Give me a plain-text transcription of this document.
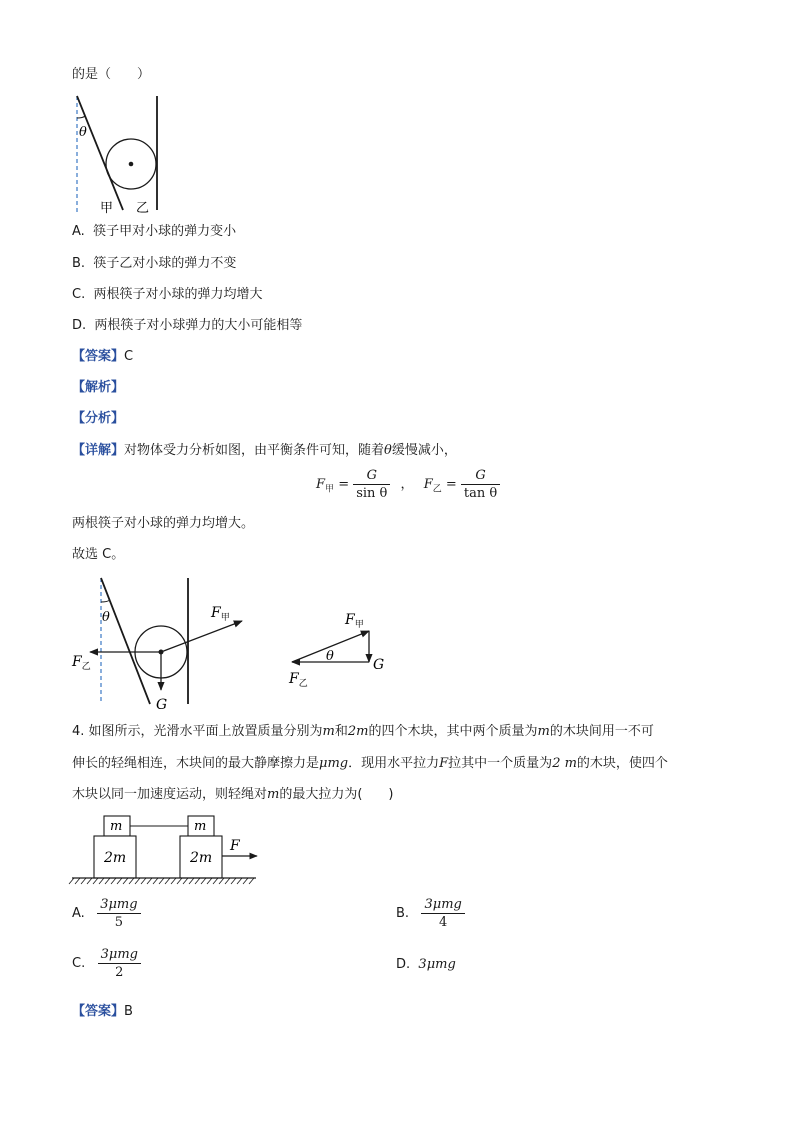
的是（　　）
θ
甲 乙
A. 筷子甲对小球的弹力变小
B. 筷子乙对小球的弹力不变
C. 两根筷子对小球的弹力均增大
D. 两根筷子对小球弹力的大小可能相等
【答案】C
【解析】
【分析】
【详解】对物体受力分析如图，由平衡条件可知，随着θ缓慢减小，
$F_甲 = \frac{G}{\text{sin θ}}$ ， $F_乙 = \frac{G}{\text{tan θ}}$
两根筷子对小球的弹力均增大。
故选 C。
θ	$F_甲$
$F_乙$
G
$F_甲$
θ
G
$F_乙$
4. 如图所示，光滑水平面上放置质量分别为m和2m的四个木块，其中两个质量为m的木块间用一不可
伸长的轻绳相连，木块间的最大静摩擦力是μmg．现用水平拉力F拉其中一个质量为2 m的木块，使四个
木块以同一加速度运动，则轻绳对m的最大拉力为(　　)
m	m
2m	2m
F
A. $\frac{\text{3μmg}}{5}$	B. $\frac{\text{3μmg}}{4}$
C. $\frac{\text{3μmg}}{2}$	D. 3μmg
【答案】B
